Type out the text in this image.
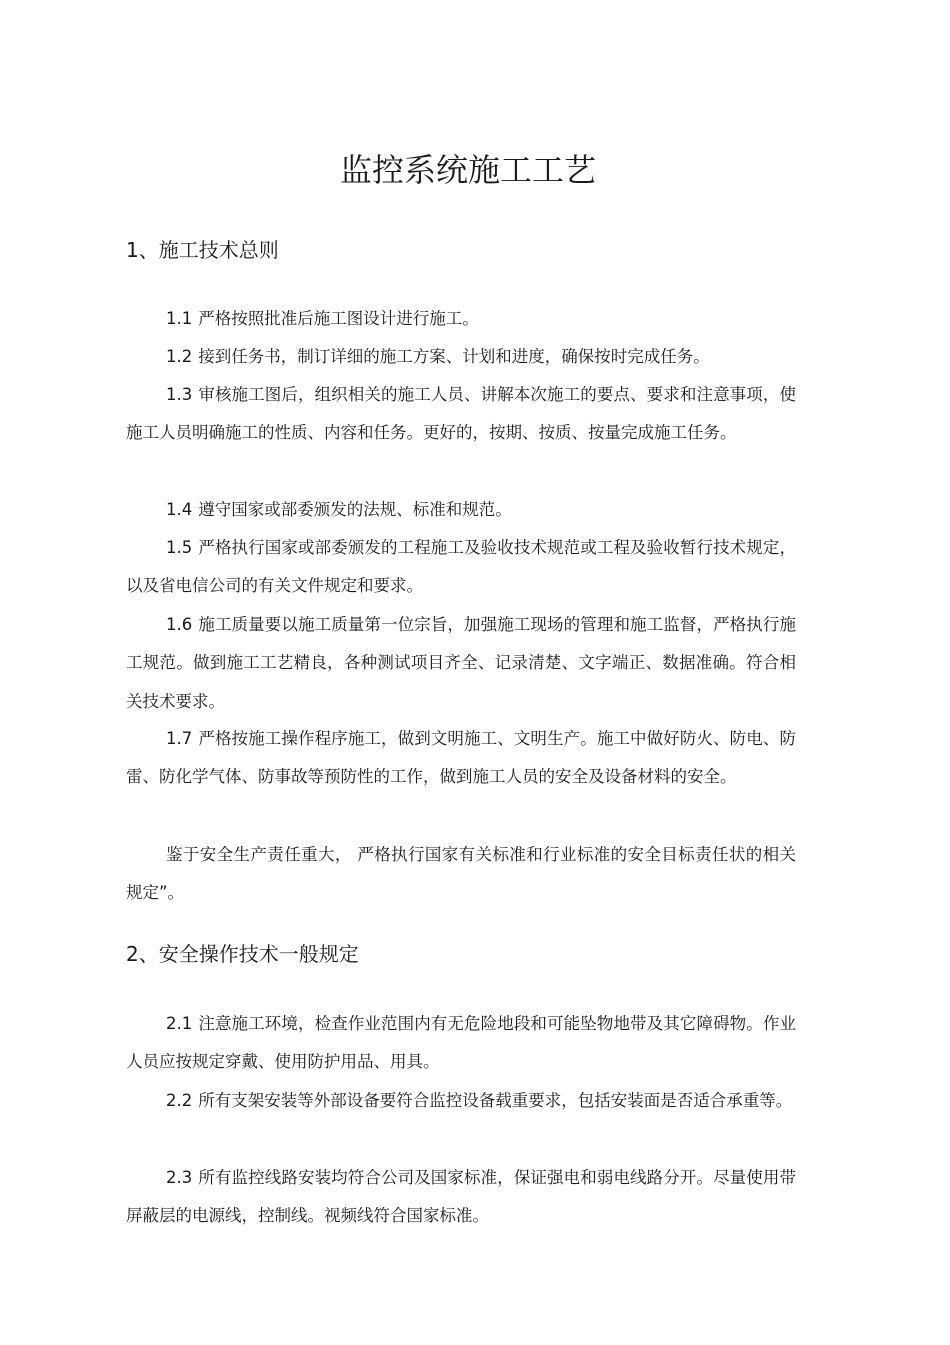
监控系统施工工艺
1、施工技术总则

1.1 严格按照批准后施工图设计进行施工。

1.2 接到任务书，制订详细的施工方案、计划和进度，确保按时完成任务。

1.3 审核施工图后，组织相关的施工人员、讲解本次施工的要点、要求和注意事项，使施工人员明确施工的性质、内容和任务。更好的，按期、按质、按量完成施工任务。

1.4 遵守国家或部委颁发的法规、标准和规范。

1.5 严格执行国家或部委颁发的工程施工及验收技术规范或工程及验收暂行技术规定，以及省电信公司的有关文件规定和要求。

1.6 施工质量要以施工质量第一位宗旨，加强施工现场的管理和施工监督，严格执行施工规范。做到施工工艺精良，各种测试项目齐全、记录清楚、文字端正、数据准确。符合相关技术要求。

1.7 严格按施工操作程序施工，做到文明施工、文明生产。施工中做好防火、防电、防雷、防化学气体、防事故等预防性的工作，做到施工人员的安全及设备材料的安全。

鉴于安全生产责任重大， 严格执行国家有关标准和行业标准的安全目标责任状的相关规定”。

2、安全操作技术一般规定

2.1 注意施工环境，检查作业范围内有无危险地段和可能坠物地带及其它障碍物。作业人员应按规定穿戴、使用防护用品、用具。

2.2 所有支架安装等外部设备要符合监控设备载重要求，包括安装面是否适合承重等。

2.3 所有监控线路安装均符合公司及国家标准，保证强电和弱电线路分开。尽量使用带屏蔽层的电源线，控制线。视频线符合国家标准。
